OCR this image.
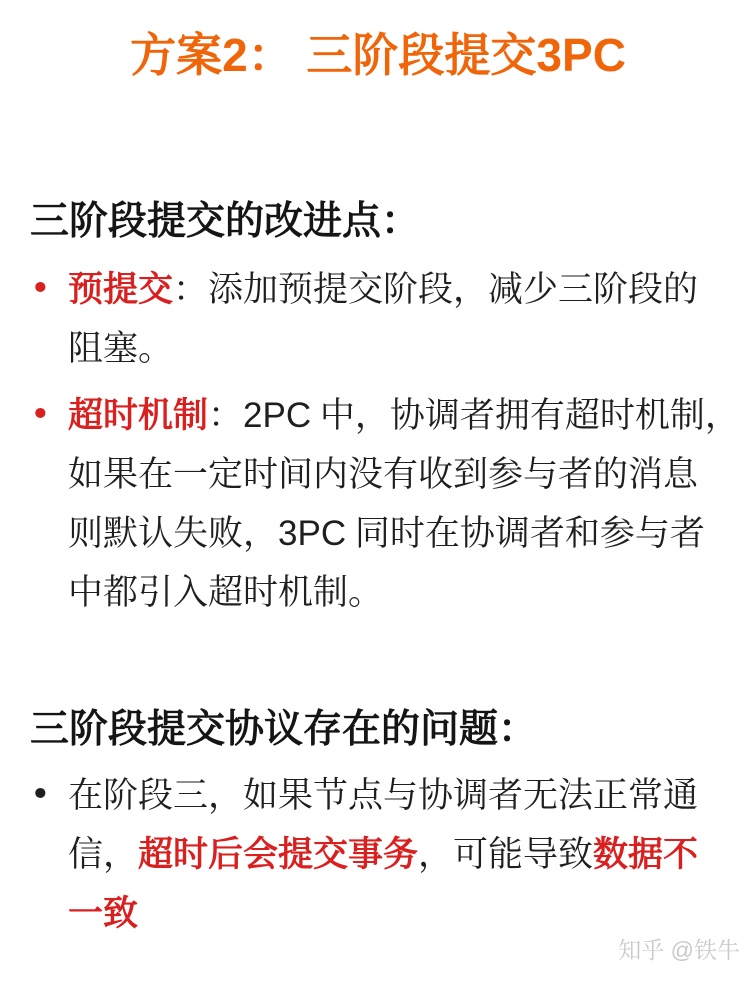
方案2： 三阶段提交3PC
三阶段提交的改进点：
• 预提交：添加预提交阶段，减少三阶段的
阻塞。
• 超时机制：2PC 中，协调者拥有超时机制，
如果在一定时间内没有收到参与者的消息
则默认失败，3PC 同时在协调者和参与者
中都引入超时机制。
三阶段提交协议存在的问题：
• 在阶段三，如果节点与协调者无法正常通
信，超时后会提交事务，可能导致数据不
一致
知乎 @铁牛
